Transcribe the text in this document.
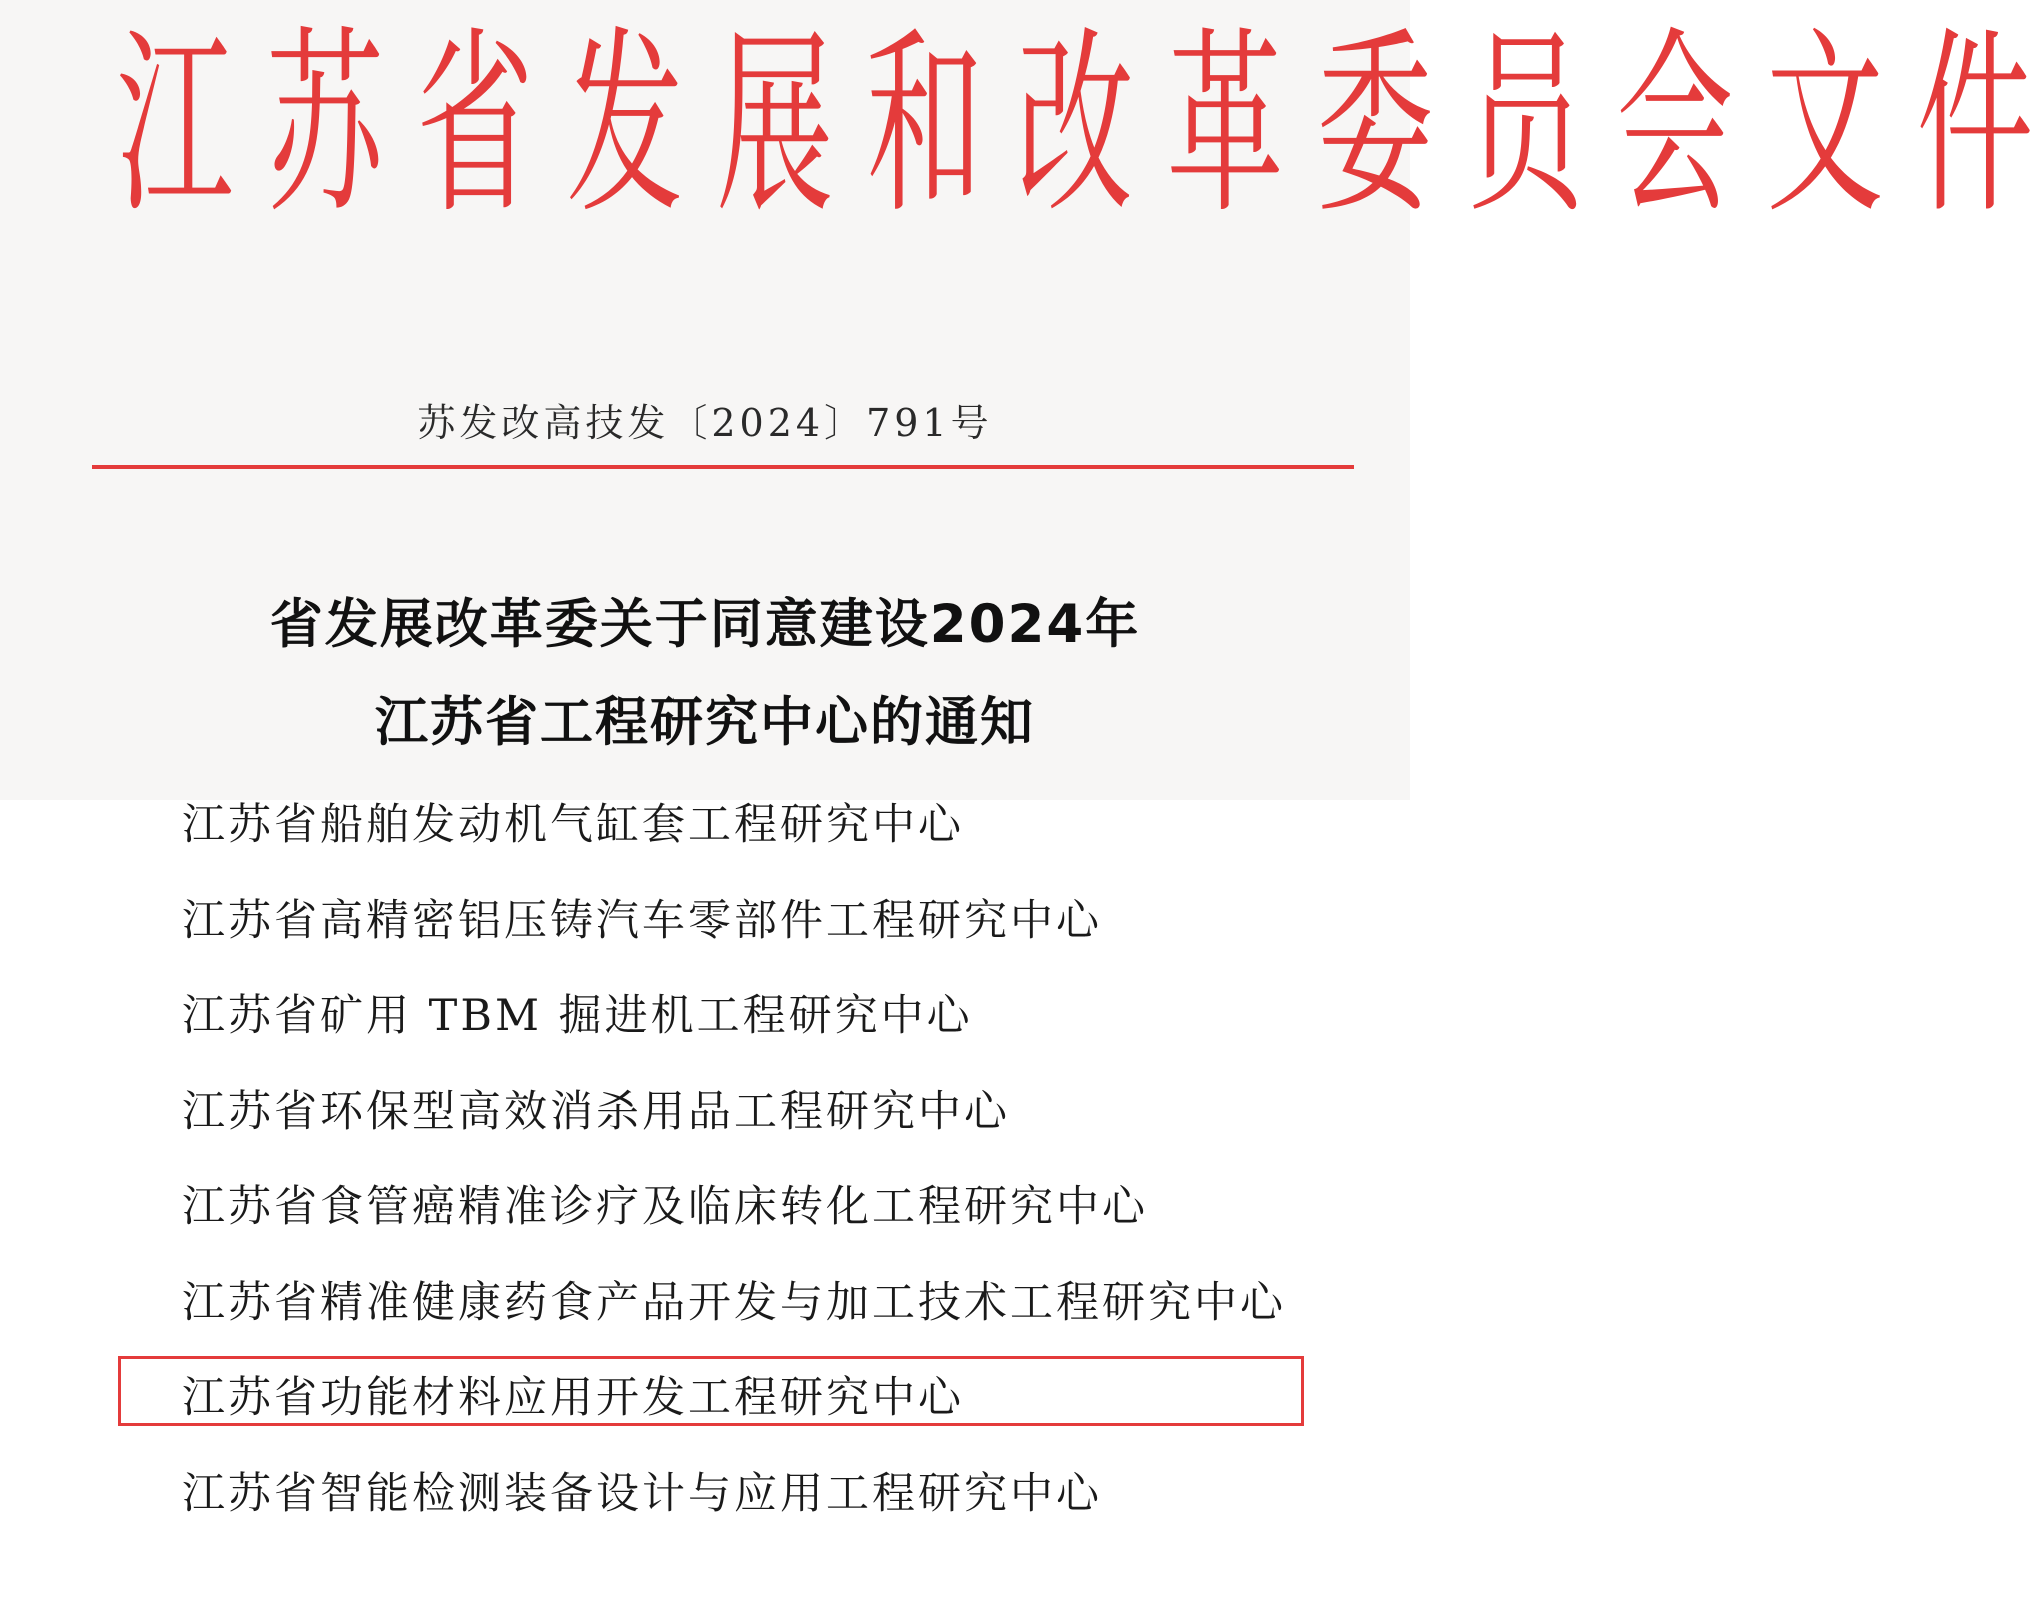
江 苏 省 发 展 和 改 革 委 员 会 文 件
苏发改高技发〔2024〕791号
省发展改革委关于同意建设2024年
江苏省工程研究中心的通知
江苏省船舶发动机气缸套工程研究中心
江苏省高精密铝压铸汽车零部件工程研究中心
江苏省矿用 TBM 掘进机工程研究中心
江苏省环保型高效消杀用品工程研究中心
江苏省食管癌精准诊疗及临床转化工程研究中心
江苏省精准健康药食产品开发与加工技术工程研究中心
江苏省功能材料应用开发工程研究中心
江苏省智能检测装备设计与应用工程研究中心
